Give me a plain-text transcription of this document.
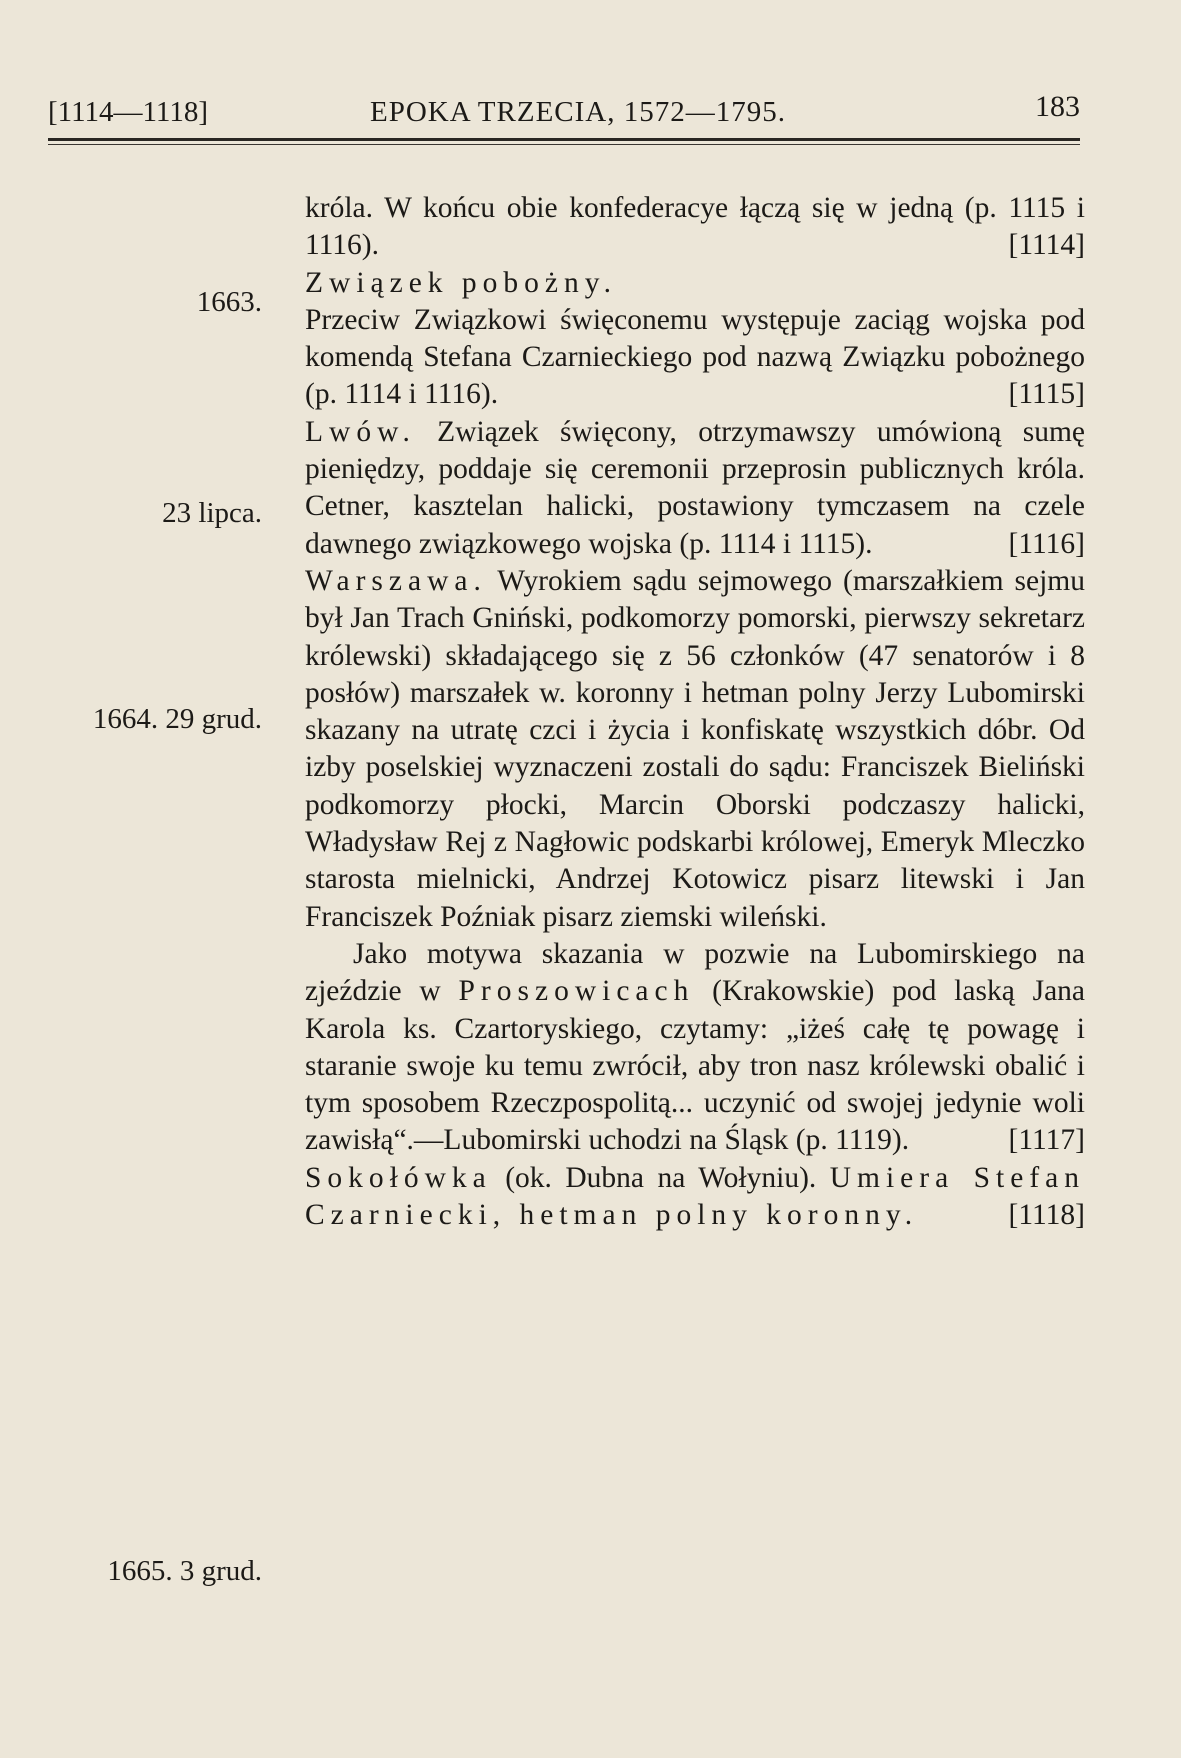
[1114—1118]	EPOKA TRZECIA, 1572—1795.	183
1663.
23 lipca.
1664. 29 grud.
1665. 3 grud.

króla. W końcu obie konfederacye łączą się w jedną (p. 1115 i 1116).	[1114]

Związek pobożny.

Przeciw Związkowi święconemu występuje zaciąg wojska pod komendą Stefana Czarnieckiego pod nazwą Związku pobożnego (p. 1114 i 1116).	[1115]

Lwów. Związek święcony, otrzymawszy umówioną sumę pieniędzy, poddaje się ceremonii przeprosin publicznych króla. Cetner, kasztelan halicki, postawiony tymczasem na czele dawnego związkowego wojska (p. 1114 i 1115).	[1116]

Warszawa. Wyrokiem sądu sejmowego (marszałkiem sejmu był Jan Trach Gniński, podkomorzy pomorski, pierwszy sekretarz królewski) składającego się z 56 członków (47 senatorów i 8 posłów) marszałek w. koronny i hetman polny Jerzy Lubomirski skazany na utratę czci i życia i konfiskatę wszystkich dóbr. Od izby poselskiej wyznaczeni zostali do sądu: Franciszek Bieliński podkomorzy płocki, Marcin Oborski podczaszy halicki, Władysław Rej z Nagłowic podskarbi królowej, Emeryk Mleczko starosta mielnicki, Andrzej Kotowicz pisarz litewski i Jan Franciszek Poźniak pisarz ziemski wileński.

Jako motywa skazania w pozwie na Lubomirskiego na zjeździe w Proszowicach (Krakowskie) pod laską Jana Karola ks. Czartoryskiego, czytamy: „iżeś całę tę powagę i staranie swoje ku temu zwrócił, aby tron nasz królewski obalić i tym sposobem Rzeczpospolitą... uczynić od swojej jedynie woli zawisłą“.—Lubomirski uchodzi na Śląsk (p. 1119).	[1117]

Sokołówka (ok. Dubna na Wołyniu). Umiera Stefan Czarniecki, hetman polny koronny.	[1118]
